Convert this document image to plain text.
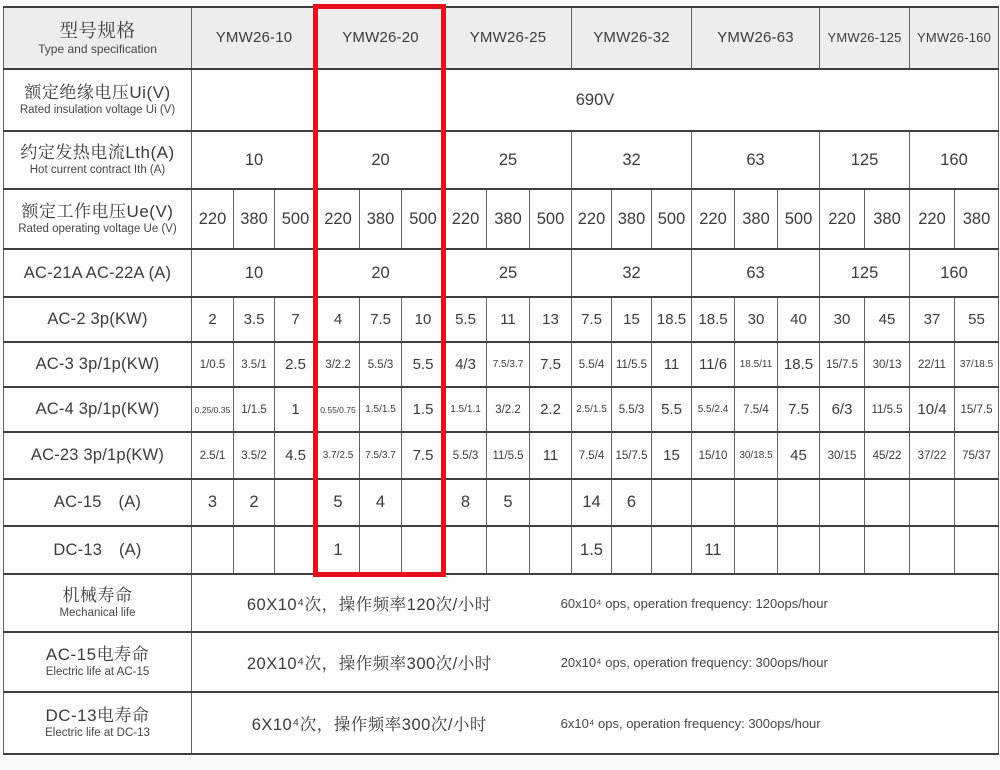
型号规格
Type and specification	YMW26-10			YMW26-20			YMW26-25			YMW26-32			YMW26-63			YMW26-125		YMW26-160	

额定绝缘电压Ui(V)
Rated insulation voltage Ui (V)	690V																		

约定发热电流Lth(A)
Hot current contract Ith (A)	10			20			25			32			63			125		160	

额定工作电压Ue(V)
Rated operating voltage Ue (V)	220	380	500	220	380	500	220	380	500	220	380	500	220	380	500	220	380	220	380
AC-21A AC-22A (A)	10			20			25			32			63			125		160	
AC-2 3p(KW)	2	3.5	7	4	7.5	10	5.5	11	13	7.5	15	18.5	18.5	30	40	30	45	37	55
AC-3 3p/1p(KW)	1/0.5	3.5/1	2.5	3/2.2	5.5/3	5.5	4/3	7.5/3.7	7.5	5.5/4	11/5.5	11	11/6	18.5/11	18.5	15/7.5	30/13	22/11	37/18.5
AC-4 3p/1p(KW)	0.25/0.35	1/1.5	1	0.55/0.75	1.5/1.5	1.5	1.5/1.1	3/2.2	2.2	2.5/1.5	5.5/3	5.5	5.5/2.4	7.5/4	7.5	6/3	11/5.5	10/4	15/7.5
AC-23 3p/1p(KW)	2.5/1	3.5/2	4.5	3.7/2.5	7.5/3.7	7.5	5.5/3	11/5.5	11	7.5/4	15/7.5	15	15/10	30/18.5	45	30/15	45/22	37/22	75/37
AC-15  (A)	3	2		5	4		8	5		14	6								
DC-13  (A)				1						1.5			11						

机械寿命
Mechanical life	60X10⁴次，操作频率120次/小时	60x10⁴ ops, operation frequency: 120ops/hour

AC-15电寿命
Electric life at AC-15	20X10⁴次，操作频率300次/小时	20x10⁴ ops, operation frequency: 300ops/hour

DC-13电寿命
Electric life at DC-13	6X10⁴次，操作频率300次/小时	6x10⁴ ops, operation frequency: 300ops/hour
